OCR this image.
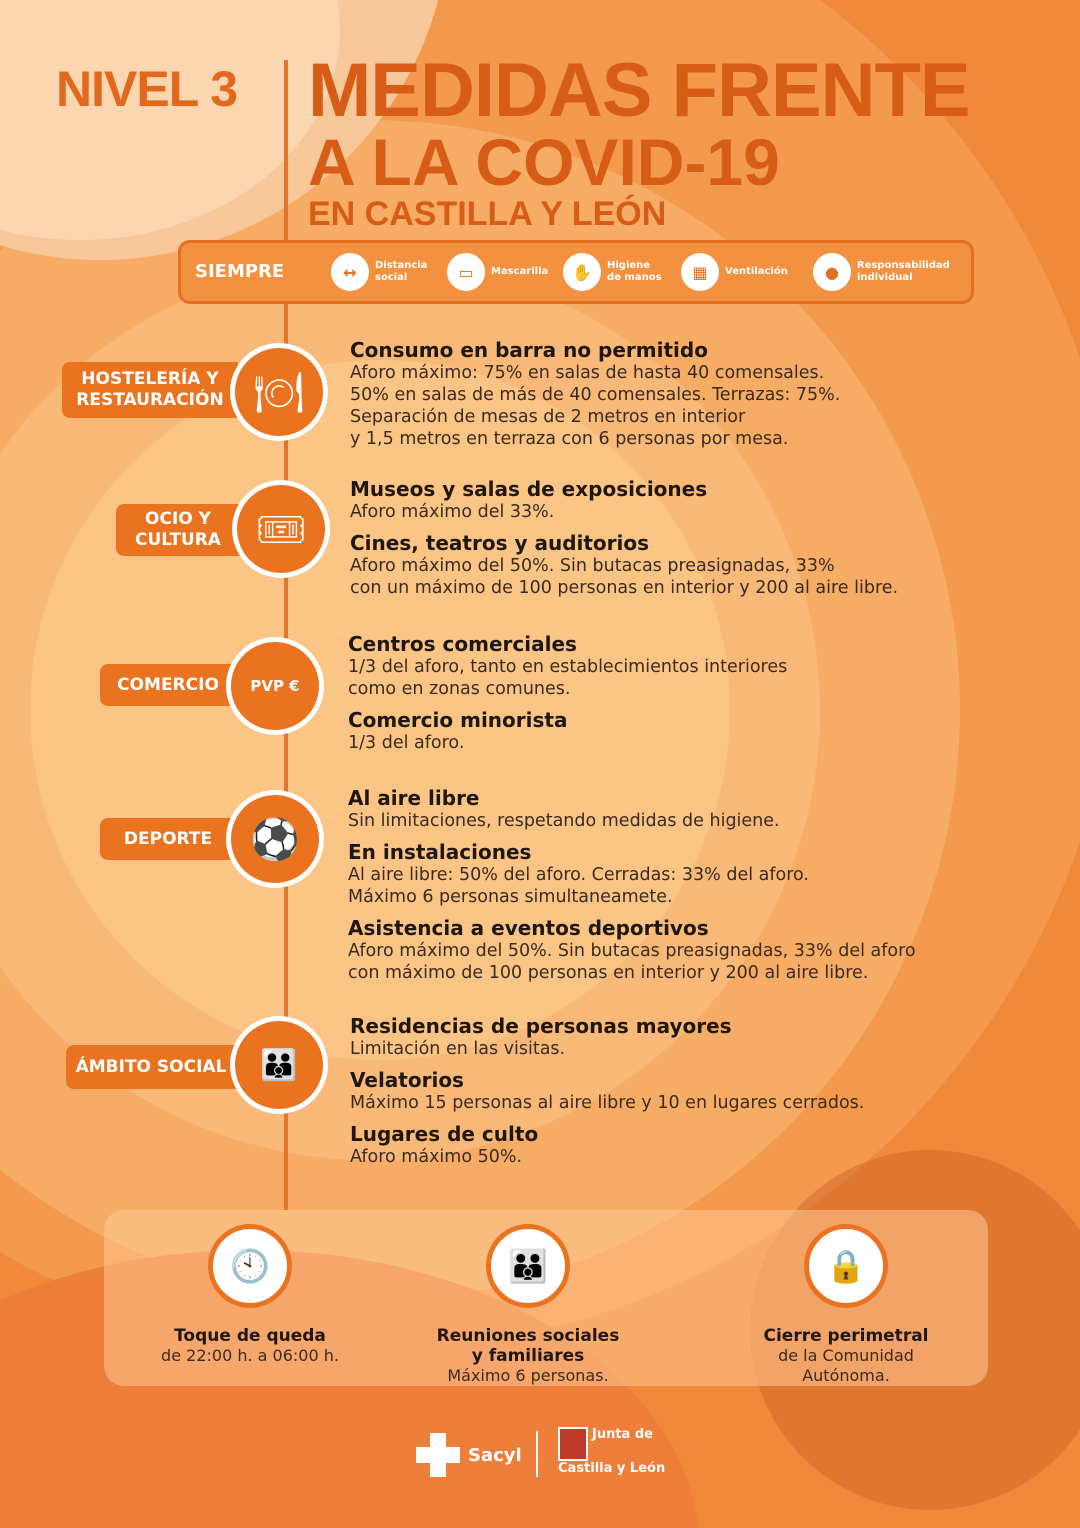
NIVEL 3 MEDIDAS FRENTE
A LA COVID-19
EN CASTILLA Y LEÓN
SIEMPRE	↔	Distancia
social	▭	Mascarilla	✋	Higiene
de manos	▦	Ventilación	●	Responsabilidad
individual
HOSTELERÍA Y
RESTAURACIÓN 🍽
OCIO Y
CULTURA 🎟
COMERCIO	PVP €
DEPORTE ⚽
ÁMBITO SOCIAL	👪
Consumo en barra no permitido

Aforo máximo: 75% en salas de hasta 40 comensales.
50% en salas de más de 40 comensales. Terrazas: 75%.
Separación de mesas de 2 metros en interior
y 1,5 metros en terraza con 6 personas por mesa.

Museos y salas de exposiciones

Aforo máximo del 33%.

Cines, teatros y auditorios

Aforo máximo del 50%. Sin butacas preasignadas, 33%
con un máximo de 100 personas en interior y 200 al aire libre.

Centros comerciales

1/3 del aforo, tanto en establecimientos interiores
como en zonas comunes.

Comercio minorista

1/3 del aforo.

Al aire libre

Sin limitaciones, respetando medidas de higiene.

En instalaciones

Al aire libre: 50% del aforo. Cerradas: 33% del aforo.
Máximo 6 personas simultaneamete.

Asistencia a eventos deportivos

Aforo máximo del 50%. Sin butacas preasignadas, 33% del aforo
con máximo de 100 personas en interior y 200 al aire libre.

Residencias de personas mayores

Limitación en las visitas.

Velatorios

Máximo 15 personas al aire libre y 10 en lugares cerrados.

Lugares de culto

Aforo máximo 50%.

🕙
Toque de queda

de 22:00 h. a 06:00 h.

👪
Reuniones sociales
y familiares

Máximo 6 personas.

🔒
Cierre perimetral

de la Comunidad
Autónoma.

Sacyl
Junta de
Castilla y León
